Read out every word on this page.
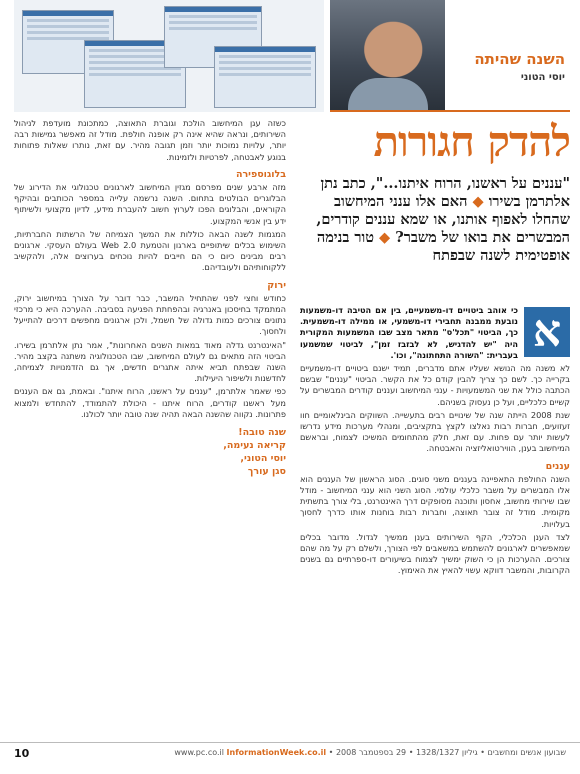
השנה שהיתה
יוסי הטוני
להדק חגורות
"עננים על ראשנו, הרוח איתנו...", כתב נתן אלתרמן בשירו ◆ האם אלו ענני המיחשוב שהחלו לאפוף אותנו, או שמא עננים קודרים, המבשרים את בואו של משבר? ◆ טור בנימה אופטימית לשנה שבפתח
א

כי אוהב ביטויים דו-משמעיים, בין אם הטיבה דו-משמעות נובעת ממבנה תחבירי דו-משמעי, או ממילה דו-משמעית. כך, הביטוי "תכל'ס" מתאר מצב שבו המשמעות המקורית היה "יש להדגיש, לא לבזבז זמן", לביטוי שמשמעו בעברית: "השורה התחתונה", וכו'.

לא משנה מה הנושא שעליו אתם מדברים, תמיד ישנם ביטויים דו-משמעיים בקרייה כך. לשם כך צריך להבין קודם כל את הקשר. הביטוי "עננים" שבשם הכתבה כולל את שני המשמעויות - ענני המיחשוב ועננים קודרים המבשרים על קשיים כלכליים, ועל כן נעסוק בשניהם.

שנת 2008 הייתה שנה של שינויים רבים בתעשייה. השווקים הבינלאומיים חוו זעזועים, חברות רבות נאלצו לקצץ בתקציבים, ומנהלי מערכות מידע נדרשו לעשות יותר עם פחות. עם זאת, חלק מהתחומים המשיכו לצמוח, ובראשם המיחשוב בענן, הווירטואליזציה והאבטחה.

עננים

השנה החולפת התאפיינה בעננים משני סוגים. הסוג הראשון של העננים הוא אלו המבשרים על משבר כלכלי עולמי. הסוג השני הוא ענני המיחשוב - מודל שבו שירותי מחשוב, אחסון ותוכנה מסופקים דרך האינטרנט, בלי צורך בתשתית מקומית. מודל זה צובר תאוצה, וחברות רבות בוחנות אותו כדרך לחסוך בעלויות.

לצד הענן הכלכלי, הקף השירותים בענן ממשיך לגדול. מדובר בכלים שמאפשרים לארגונים להשתמש במשאבים לפי הצורך, ולשלם רק על מה שהם צורכים. ההערכות הן כי השוק ימשיך לצמוח בשיעורים דו-ספרתיים גם בשנים הקרובות, והמשבר דווקא עשוי להאיץ את האימוץ.

כשזה עגן המיחשוב הולכת וגוברת התאוצה, כמתכונת מועדפת לניהול השירותים, ונראה שהיא אינה רק אופנה חולפת. מודל זה מאפשר גמישות רבה יותר, עלויות נמוכות יותר וזמן תגובה מהיר. עם זאת, נותרו שאלות פתוחות בנוגע לאבטחה, לפרטיות ולזמינות.

בלוגוספירה

מזה ארבע שנים מפרסם מגזין המיחשוב לארגונים טכנולוגי את הדירוג של הבלוגרים הבולטים בתחום. השנה נרשמה עלייה במספר הכותבים ובהיקף הקוראים, והבלוגים הפכו לערוץ חשוב להעברת מידע, לדיון מקצועי ולשיתוף ידע בין אנשי המקצוע.

המגמות לשנה הבאה כוללות את המשך הצמיחה של הרשתות החברתיות, השימוש בכלים שיתופיים בארגון והטמעת Web 2.0 בעולם העסקי. ארגונים רבים מבינים כיום כי הם חייבים להיות נוכחים בערוצים אלה, ולהקשיב ללקוחותיהם ולעובדיהם.

ירוק

כחודש וחצי לפני שהתחיל המשבר, כבר דובר על הצורך במיחשוב ירוק, המתמקד בחיסכון באנרגיה ובהפחתת הפגיעה בסביבה. ההערכה היא כי מרכזי נתונים צורכים כמות גדולה של חשמל, ולכן ארגונים מחפשים דרכים להתייעל ולחסוך.

"האינטרנט גדלה מאוד במאות השנים האחרונות", אמר נתן אלתרמן בשירו. הביטוי הזה מתאים גם לעולם המיחשוב, שבו הטכנולוגיה משתנה בקצב מהיר. השנה שבפתח תביא איתה אתגרים חדשים, אך גם הזדמנויות לצמיחה, לחדשנות ולשיפור היעילות.

כפי שאמר אלתרמן, "עננים על ראשנו, הרוח איתנו". ובאמת, גם אם העננים מעל ראשנו קודרים, הרוח איתנו - היכולת להתמודד, להתחדש ולמצוא פתרונות. נקווה שהשנה הבאה תהיה שנה טובה יותר לכולנו.

שנה טובה!
קריאה נעימה,
יוסי הטוני,
סגן עורך
10	שבועון אנשים ומחשבים • גיליון 1328/1327 • 29 בספטמבר 2008 • www.pc.co.il InformationWeek.co.il
